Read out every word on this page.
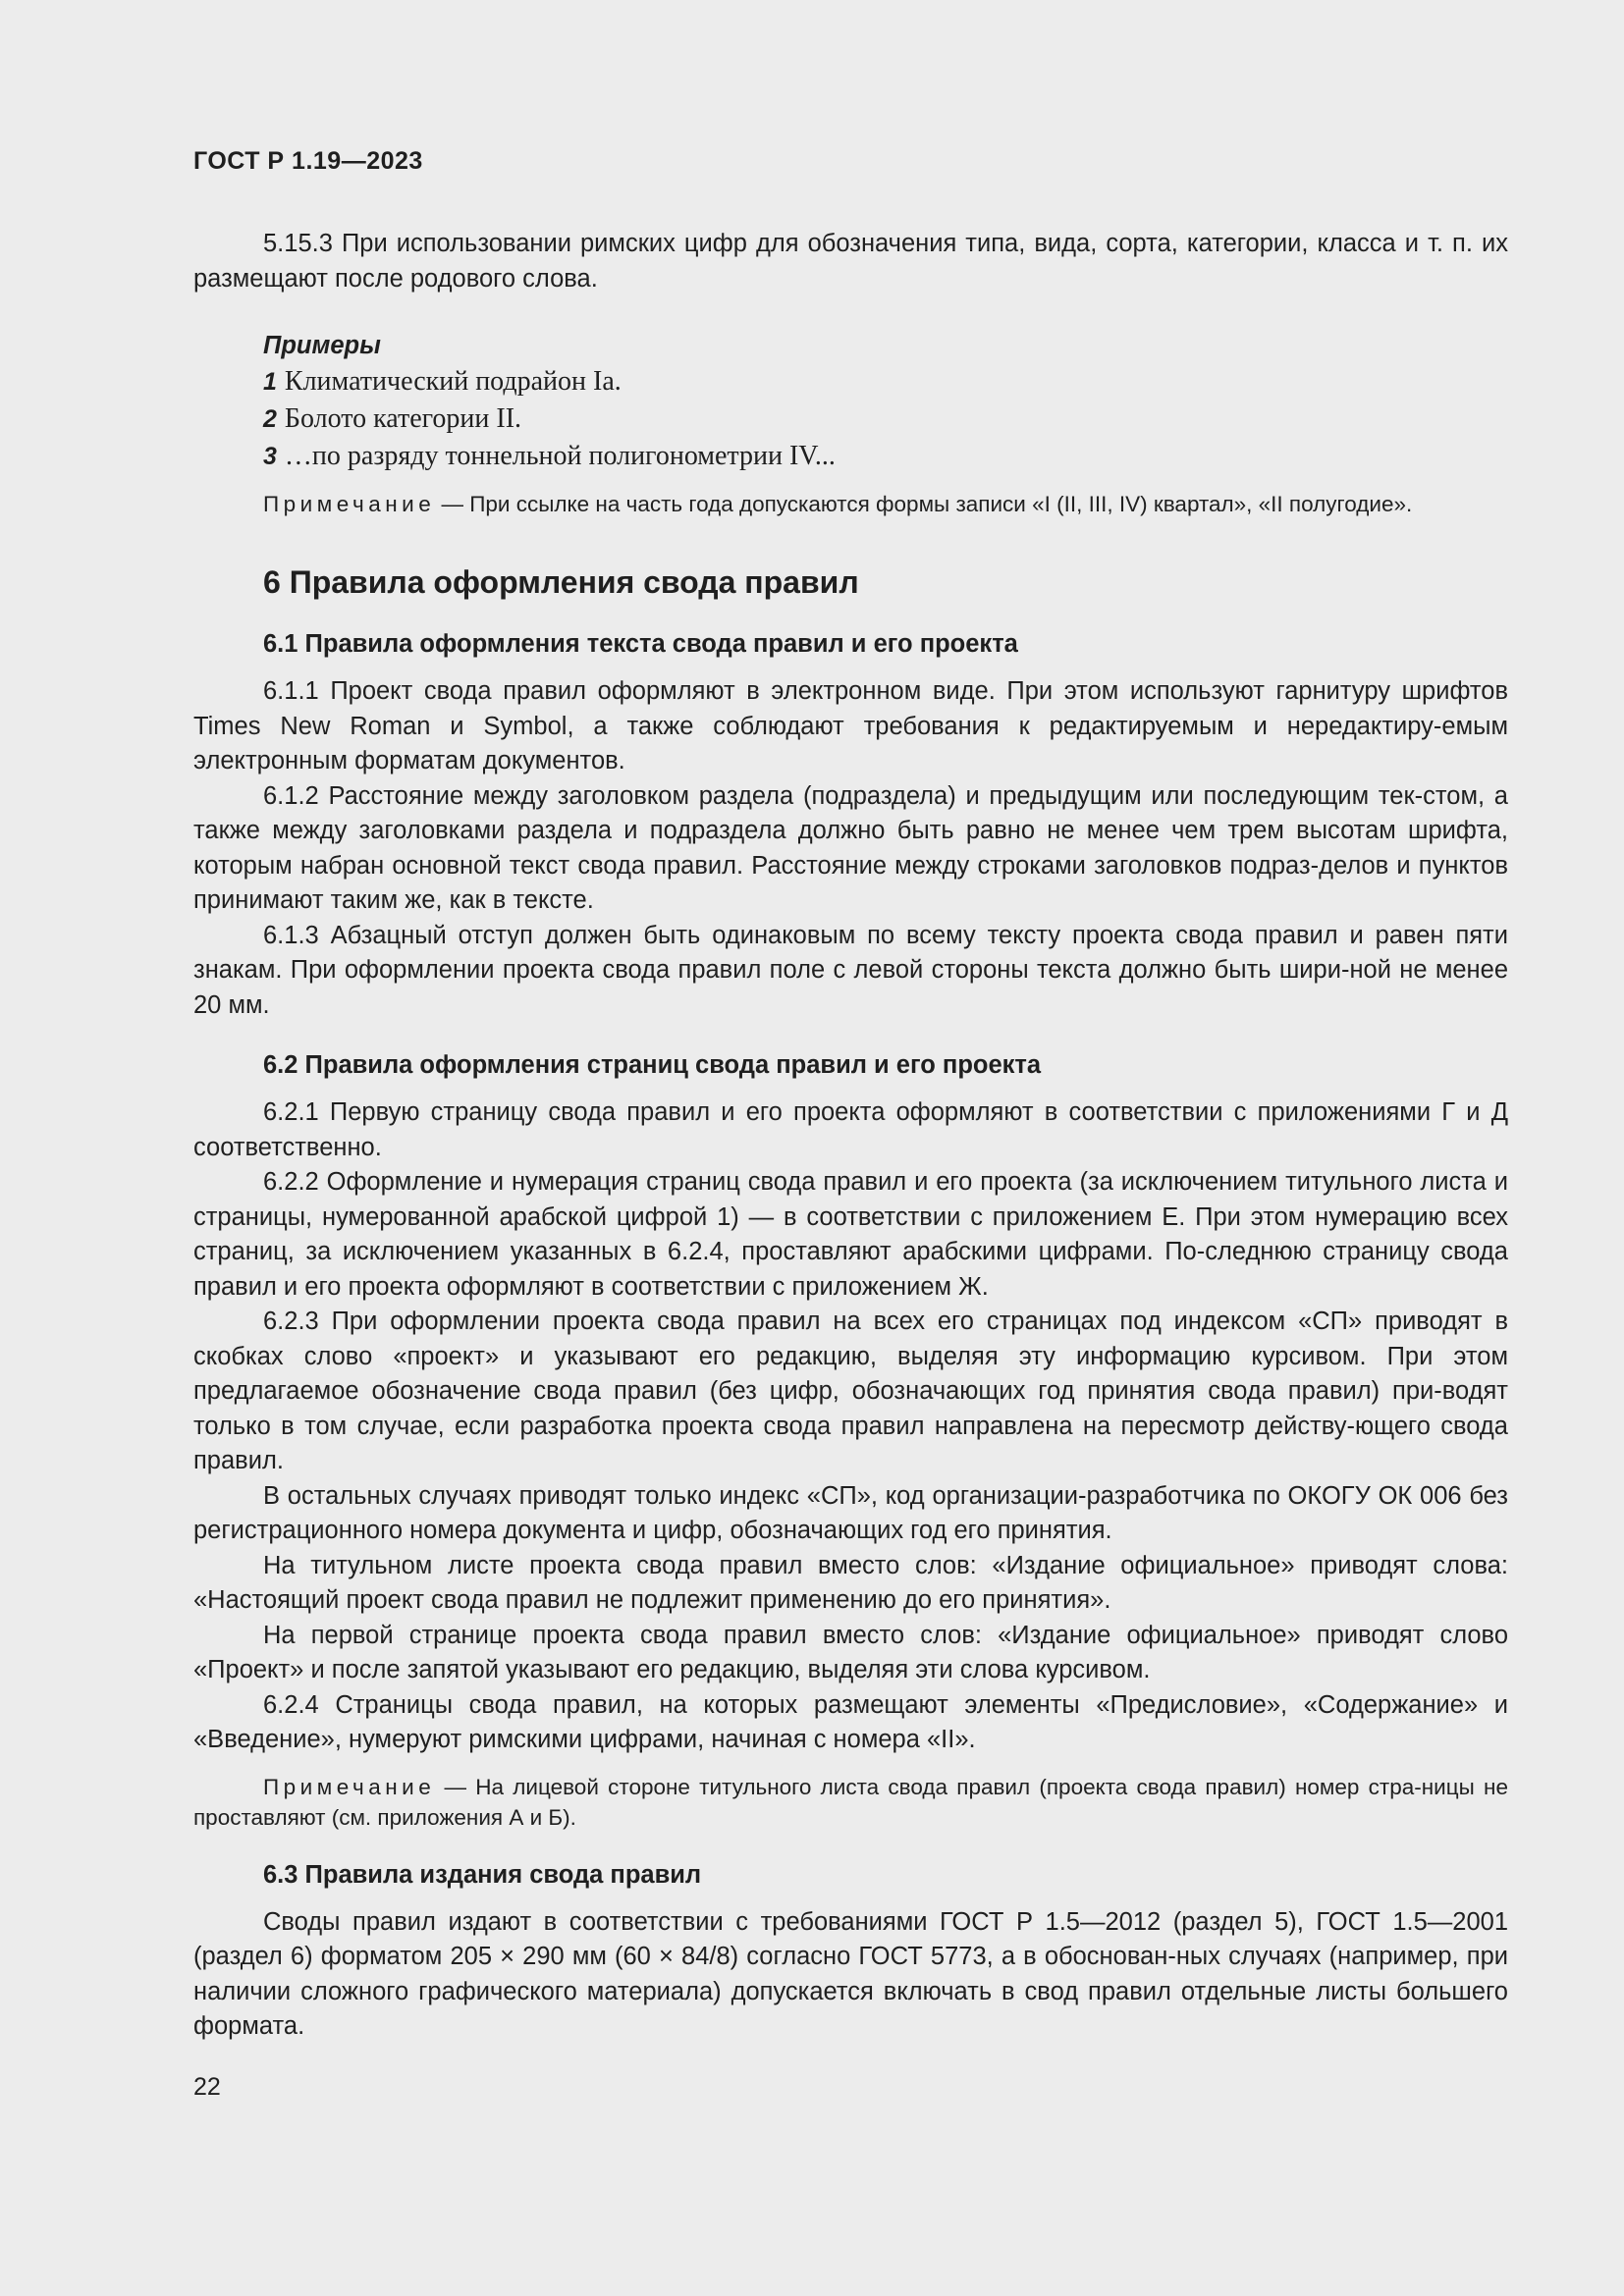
ГОСТ Р 1.19—2023

5.15.3 При использовании римских цифр для обозначения типа, вида, сорта, категории, класса и т. п. их размещают после родового слова.

Примеры
1 Климатический подрайон Ia.
2 Болото категории II.
3 …по разряду тоннельной полигонометрии IV...

Примечание — При ссылке на часть года допускаются формы записи «I (II, III, IV) квартал», «II полугодие».

6 Правила оформления свода правил
6.1 Правила оформления текста свода правил и его проекта

6.1.1 Проект свода правил оформляют в электронном виде. При этом используют гарнитуру шрифтов Times New Roman и Symbol, а также соблюдают требования к редактируемым и нередактиру-емым электронным форматам документов.

6.1.2 Расстояние между заголовком раздела (подраздела) и предыдущим или последующим тек-стом, а также между заголовками раздела и подраздела должно быть равно не менее чем трем высотам шрифта, которым набран основной текст свода правил. Расстояние между строками заголовков подраз-делов и пунктов принимают таким же, как в тексте.

6.1.3 Абзацный отступ должен быть одинаковым по всему тексту проекта свода правил и равен пяти знакам. При оформлении проекта свода правил поле с левой стороны текста должно быть шири-ной не менее 20 мм.

6.2 Правила оформления страниц свода правил и его проекта

6.2.1 Первую страницу свода правил и его проекта оформляют в соответствии с приложениями Г и Д соответственно.

6.2.2 Оформление и нумерация страниц свода правил и его проекта (за исключением титульного листа и страницы, нумерованной арабской цифрой 1) — в соответствии с приложением Е. При этом нумерацию всех страниц, за исключением указанных в 6.2.4, проставляют арабскими цифрами. По-следнюю страницу свода правил и его проекта оформляют в соответствии с приложением Ж.

6.2.3 При оформлении проекта свода правил на всех его страницах под индексом «СП» приводят в скобках слово «проект» и указывают его редакцию, выделяя эту информацию курсивом. При этом предлагаемое обозначение свода правил (без цифр, обозначающих год принятия свода правил) при-водят только в том случае, если разработка проекта свода правил направлена на пересмотр действу-ющего свода правил.

В остальных случаях приводят только индекс «СП», код организации-разработчика по ОКОГУ ОК 006 без регистрационного номера документа и цифр, обозначающих год его принятия.

На титульном листе проекта свода правил вместо слов: «Издание официальное» приводят слова: «Настоящий проект свода правил не подлежит применению до его принятия».

На первой странице проекта свода правил вместо слов: «Издание официальное» приводят слово «Проект» и после запятой указывают его редакцию, выделяя эти слова курсивом.

6.2.4 Страницы свода правил, на которых размещают элементы «Предисловие», «Содержание» и «Введение», нумеруют римскими цифрами, начиная с номера «II».

Примечание — На лицевой стороне титульного листа свода правил (проекта свода правил) номер стра-ницы не проставляют (см. приложения А и Б).

6.3 Правила издания свода правил

Своды правил издают в соответствии с требованиями ГОСТ Р 1.5—2012 (раздел 5), ГОСТ 1.5—2001 (раздел 6) форматом 205 × 290 мм (60 × 84/8) согласно ГОСТ 5773, а в обоснован-ных случаях (например, при наличии сложного графического материала) допускается включать в свод правил отдельные листы большего формата.

22
